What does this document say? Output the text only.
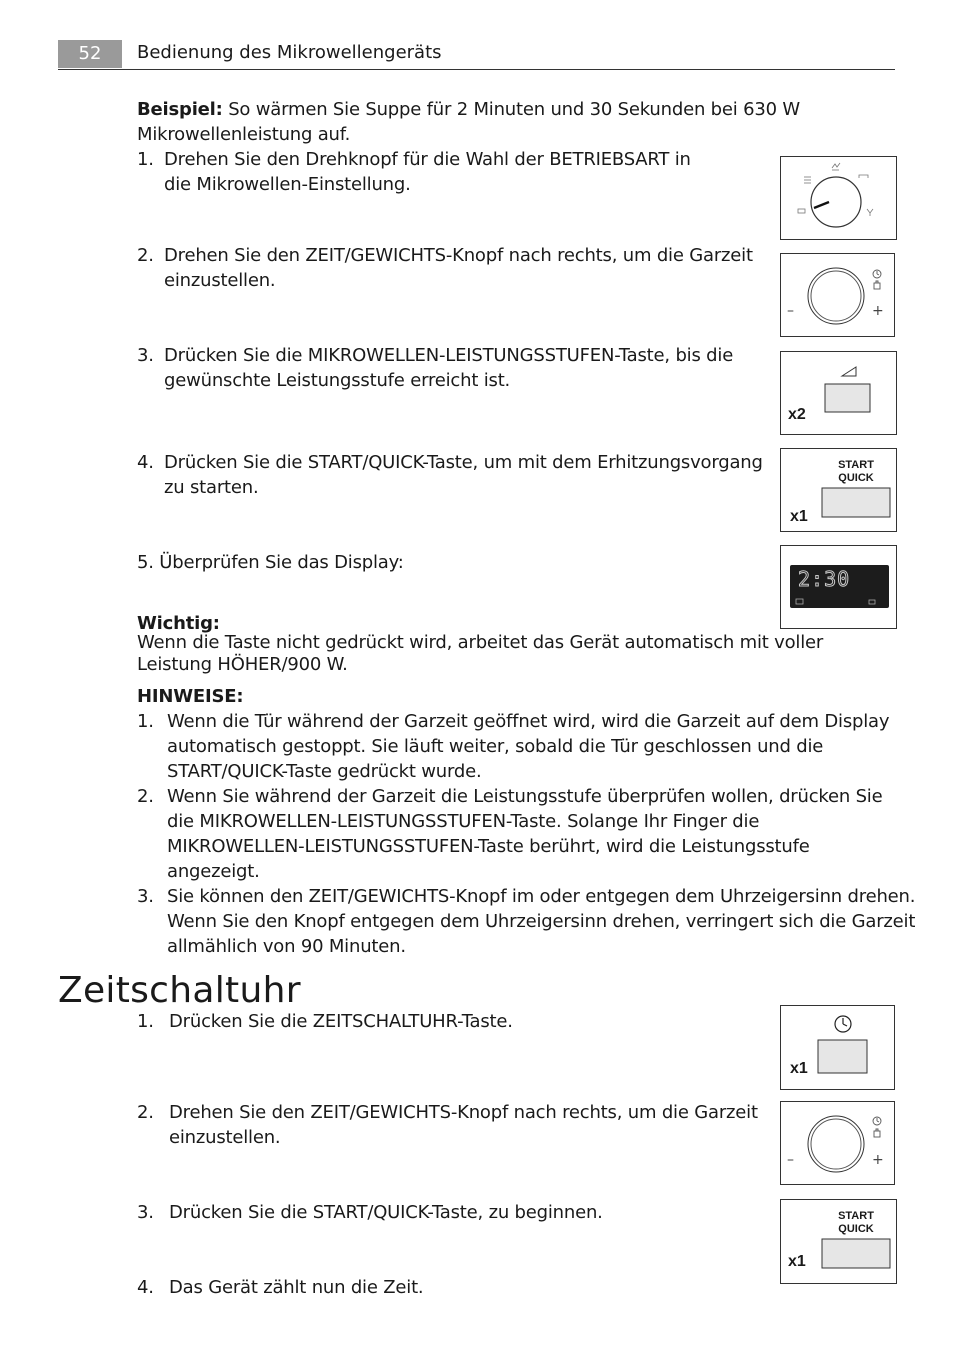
52	Bedienung des Mikrowellengeräts
Beispiel: So wärmen Sie Suppe für 2 Minuten und 30 Sekunden bei 630 W
Mikrowellenleistung auf.
1. Drehen Sie den Drehknopf für die Wahl der BETRIEBSART in
die Mikrowellen-Einstellung.
2. Drehen Sie den ZEIT/GEWICHTS-Knopf nach rechts, um die Garzeit
einzustellen.
3. Drücken Sie die MIKROWELLEN-LEISTUNGSSTUFEN-Taste, bis die
gewünschte Leistungsstufe erreicht ist.
4. Drücken Sie die START/QUICK-Taste, um mit dem Erhitzungsvorgang
zu starten.
5. Überprüfen Sie das Display:
Wichtig:
Wenn die Taste nicht gedrückt wird, arbeitet das Gerät automatisch mit voller
Leistung HÖHER/900 W.
HINWEISE:
1. Wenn die Tür während der Garzeit geöffnet wird, wird die Garzeit auf dem Display
automatisch gestoppt. Sie läuft weiter, sobald die Tür geschlossen und die
START/QUICK-Taste gedrückt wurde.
2. Wenn Sie während der Garzeit die Leistungsstufe überprüfen wollen, drücken Sie
die MIKROWELLEN-LEISTUNGSSTUFEN-Taste. Solange Ihr Finger die
MIKROWELLEN-LEISTUNGSSTUFEN-Taste berührt, wird die Leistungsstufe
angezeigt.
3. Sie können den ZEIT/GEWICHTS-Knopf im oder entgegen dem Uhrzeigersinn drehen.
Wenn Sie den Knopf entgegen dem Uhrzeigersinn drehen, verringert sich die Garzeit
allmählich von 90 Minuten.
Zeitschaltuhr
1. Drücken Sie die ZEITSCHALTUHR-Taste.
2. Drehen Sie den ZEIT/GEWICHTS-Knopf nach rechts, um die Garzeit
einzustellen.
3. Drücken Sie die START/QUICK-Taste, zu beginnen.
4. Das Gerät zählt nun die Zeit.
–	+
x2
START
QUICK
x1
2:30
x1
–	+
START
QUICK
x1
